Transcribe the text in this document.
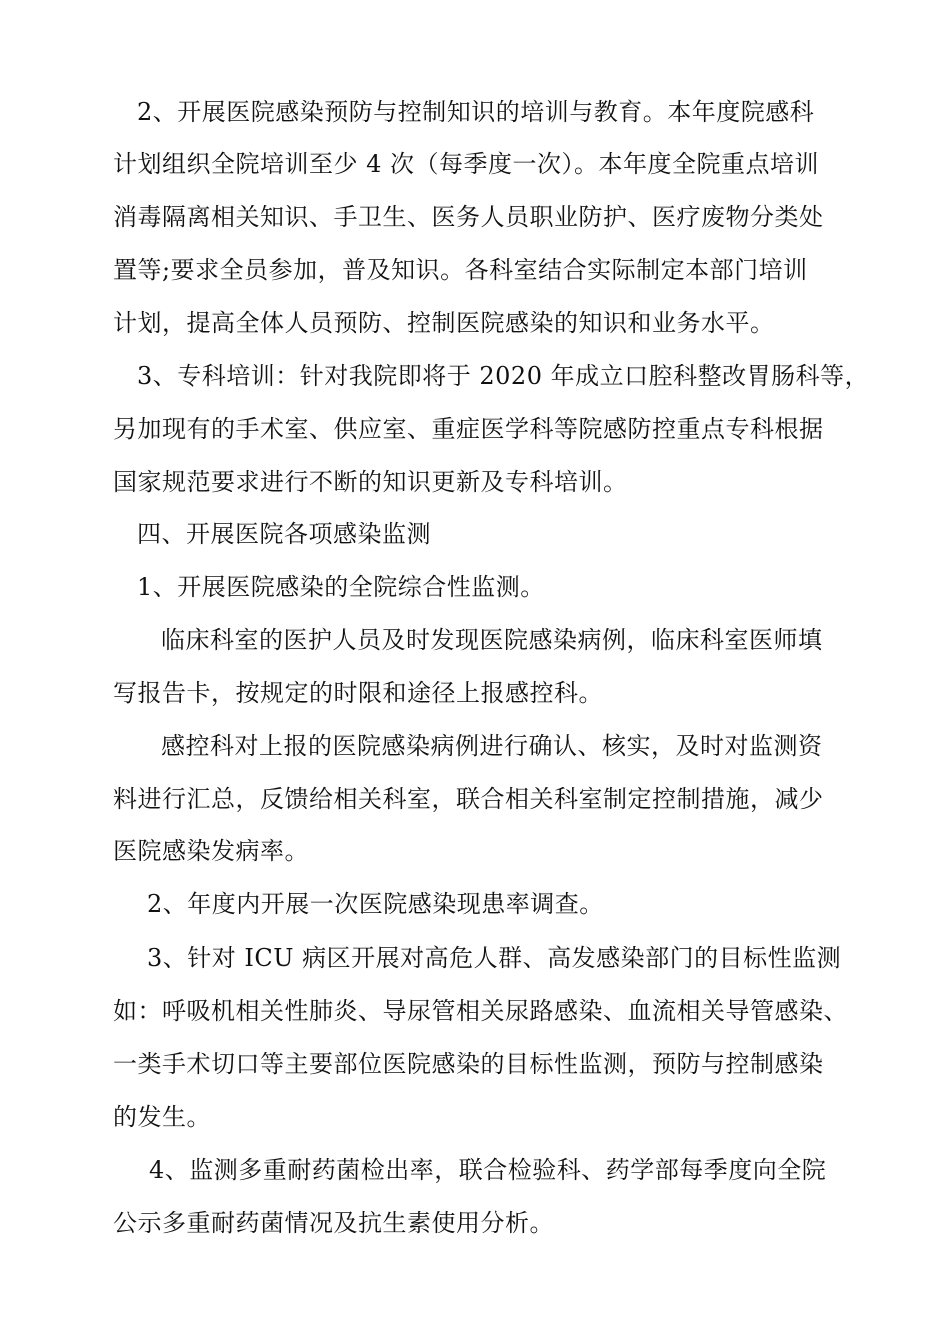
2、开展医院感染预防与控制知识的培训与教育。本年度院感科
计划组织全院培训至少 4 次（每季度一次）。本年度全院重点培训
消毒隔离相关知识、手卫生、医务人员职业防护、医疗废物分类处
置等;要求全员参加，普及知识。各科室结合实际制定本部门培训
计划，提高全体人员预防、控制医院感染的知识和业务水平。
3、专科培训：针对我院即将于 2020 年成立口腔科整改胃肠科等，
另加现有的手术室、供应室、重症医学科等院感防控重点专科根据
国家规范要求进行不断的知识更新及专科培训。
四、开展医院各项感染监测
1、开展医院感染的全院综合性监测。
临床科室的医护人员及时发现医院感染病例，临床科室医师填
写报告卡，按规定的时限和途径上报感控科。
感控科对上报的医院感染病例进行确认、核实，及时对监测资
料进行汇总，反馈给相关科室，联合相关科室制定控制措施，减少
医院感染发病率。
2、年度内开展一次医院感染现患率调查。
3、针对 ICU 病区开展对高危人群、高发感染部门的目标性监测
如：呼吸机相关性肺炎、导尿管相关尿路感染、血流相关导管感染、
一类手术切口等主要部位医院感染的目标性监测，预防与控制感染
的发生。
4、监测多重耐药菌检出率，联合检验科、药学部每季度向全院
公示多重耐药菌情况及抗生素使用分析。
